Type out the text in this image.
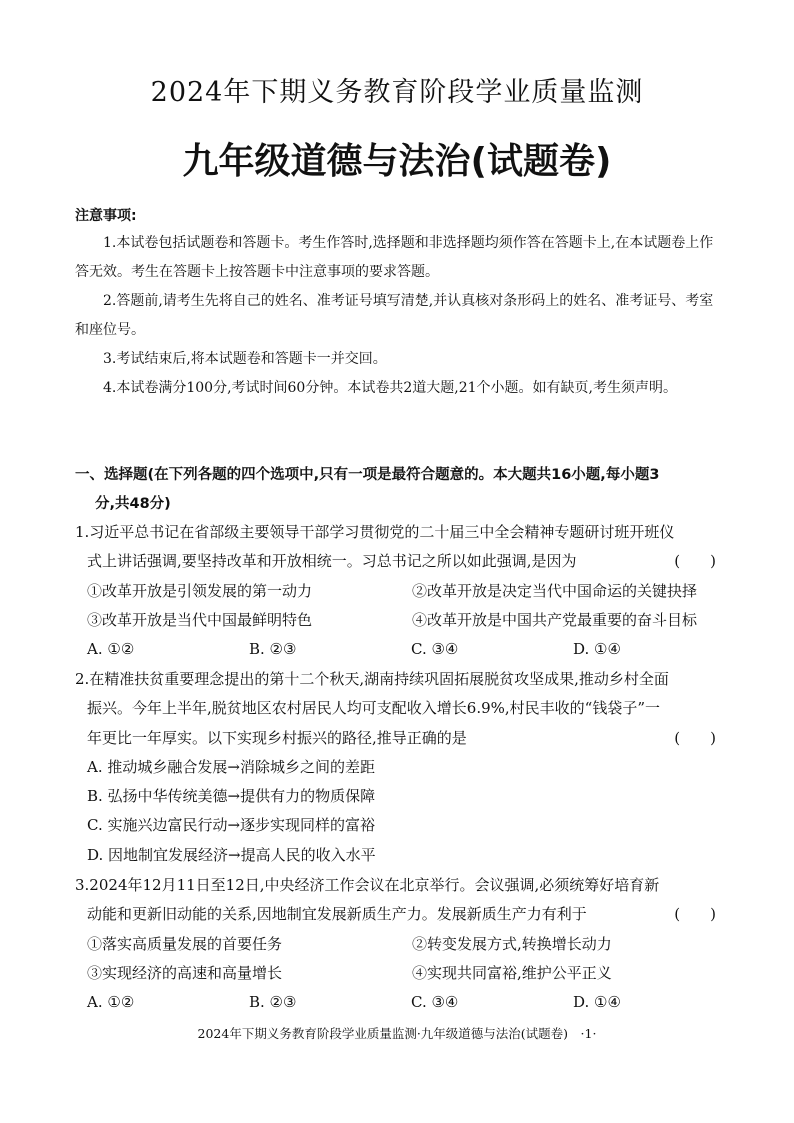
2024年下期义务教育阶段学业质量监测
九年级道德与法治(试题卷)
注意事项:
1.本试卷包括试题卷和答题卡。考生作答时,选择题和非选择题均须作答在答题卡上,在本试题卷上作答无效。考生在答题卡上按答题卡中注意事项的要求答题。
2.答题前,请考生先将自己的姓名、准考证号填写清楚,并认真核对条形码上的姓名、准考证号、考室和座位号。
3.考试结束后,将本试题卷和答题卡一并交回。
4.本试卷满分100分,考试时间60分钟。本试卷共2道大题,21个小题。如有缺页,考生须声明。
一、选择题(在下列各题的四个选项中,只有一项是最符合题意的。本大题共16小题,每小题3
分,共48分)
1.习近平总书记在省部级主要领导干部学习贯彻党的二十届三中全会精神专题研讨班开班仪
式上讲话强调,要坚持改革和开放相统一。习总书记之所以如此强调,是因为	(　　)
①改革开放是引领发展的第一动力	②改革开放是决定当代中国命运的关键抉择
③改革开放是当代中国最鲜明特色	④改革开放是中国共产党最重要的奋斗目标
A. ①②	B. ②③	C. ③④	D. ①④
2.在精准扶贫重要理念提出的第十二个秋天,湖南持续巩固拓展脱贫攻坚成果,推动乡村全面
振兴。今年上半年,脱贫地区农村居民人均可支配收入增长6.9%,村民丰收的“钱袋子”一
年更比一年厚实。以下实现乡村振兴的路径,推导正确的是	(　　)
A. 推动城乡融合发展→消除城乡之间的差距
B. 弘扬中华传统美德→提供有力的物质保障
C. 实施兴边富民行动→逐步实现同样的富裕
D. 因地制宜发展经济→提高人民的收入水平
3.2024年12月11日至12日,中央经济工作会议在北京举行。会议强调,必须统筹好培育新
动能和更新旧动能的关系,因地制宜发展新质生产力。发展新质生产力有利于	(　　)
①落实高质量发展的首要任务	②转变发展方式,转换增长动力
③实现经济的高速和高量增长	④实现共同富裕,维护公平正义
A. ①②	B. ②③	C. ③④	D. ①④
2024年下期义务教育阶段学业质量监测·九年级道德与法治(试题卷)　·1·
